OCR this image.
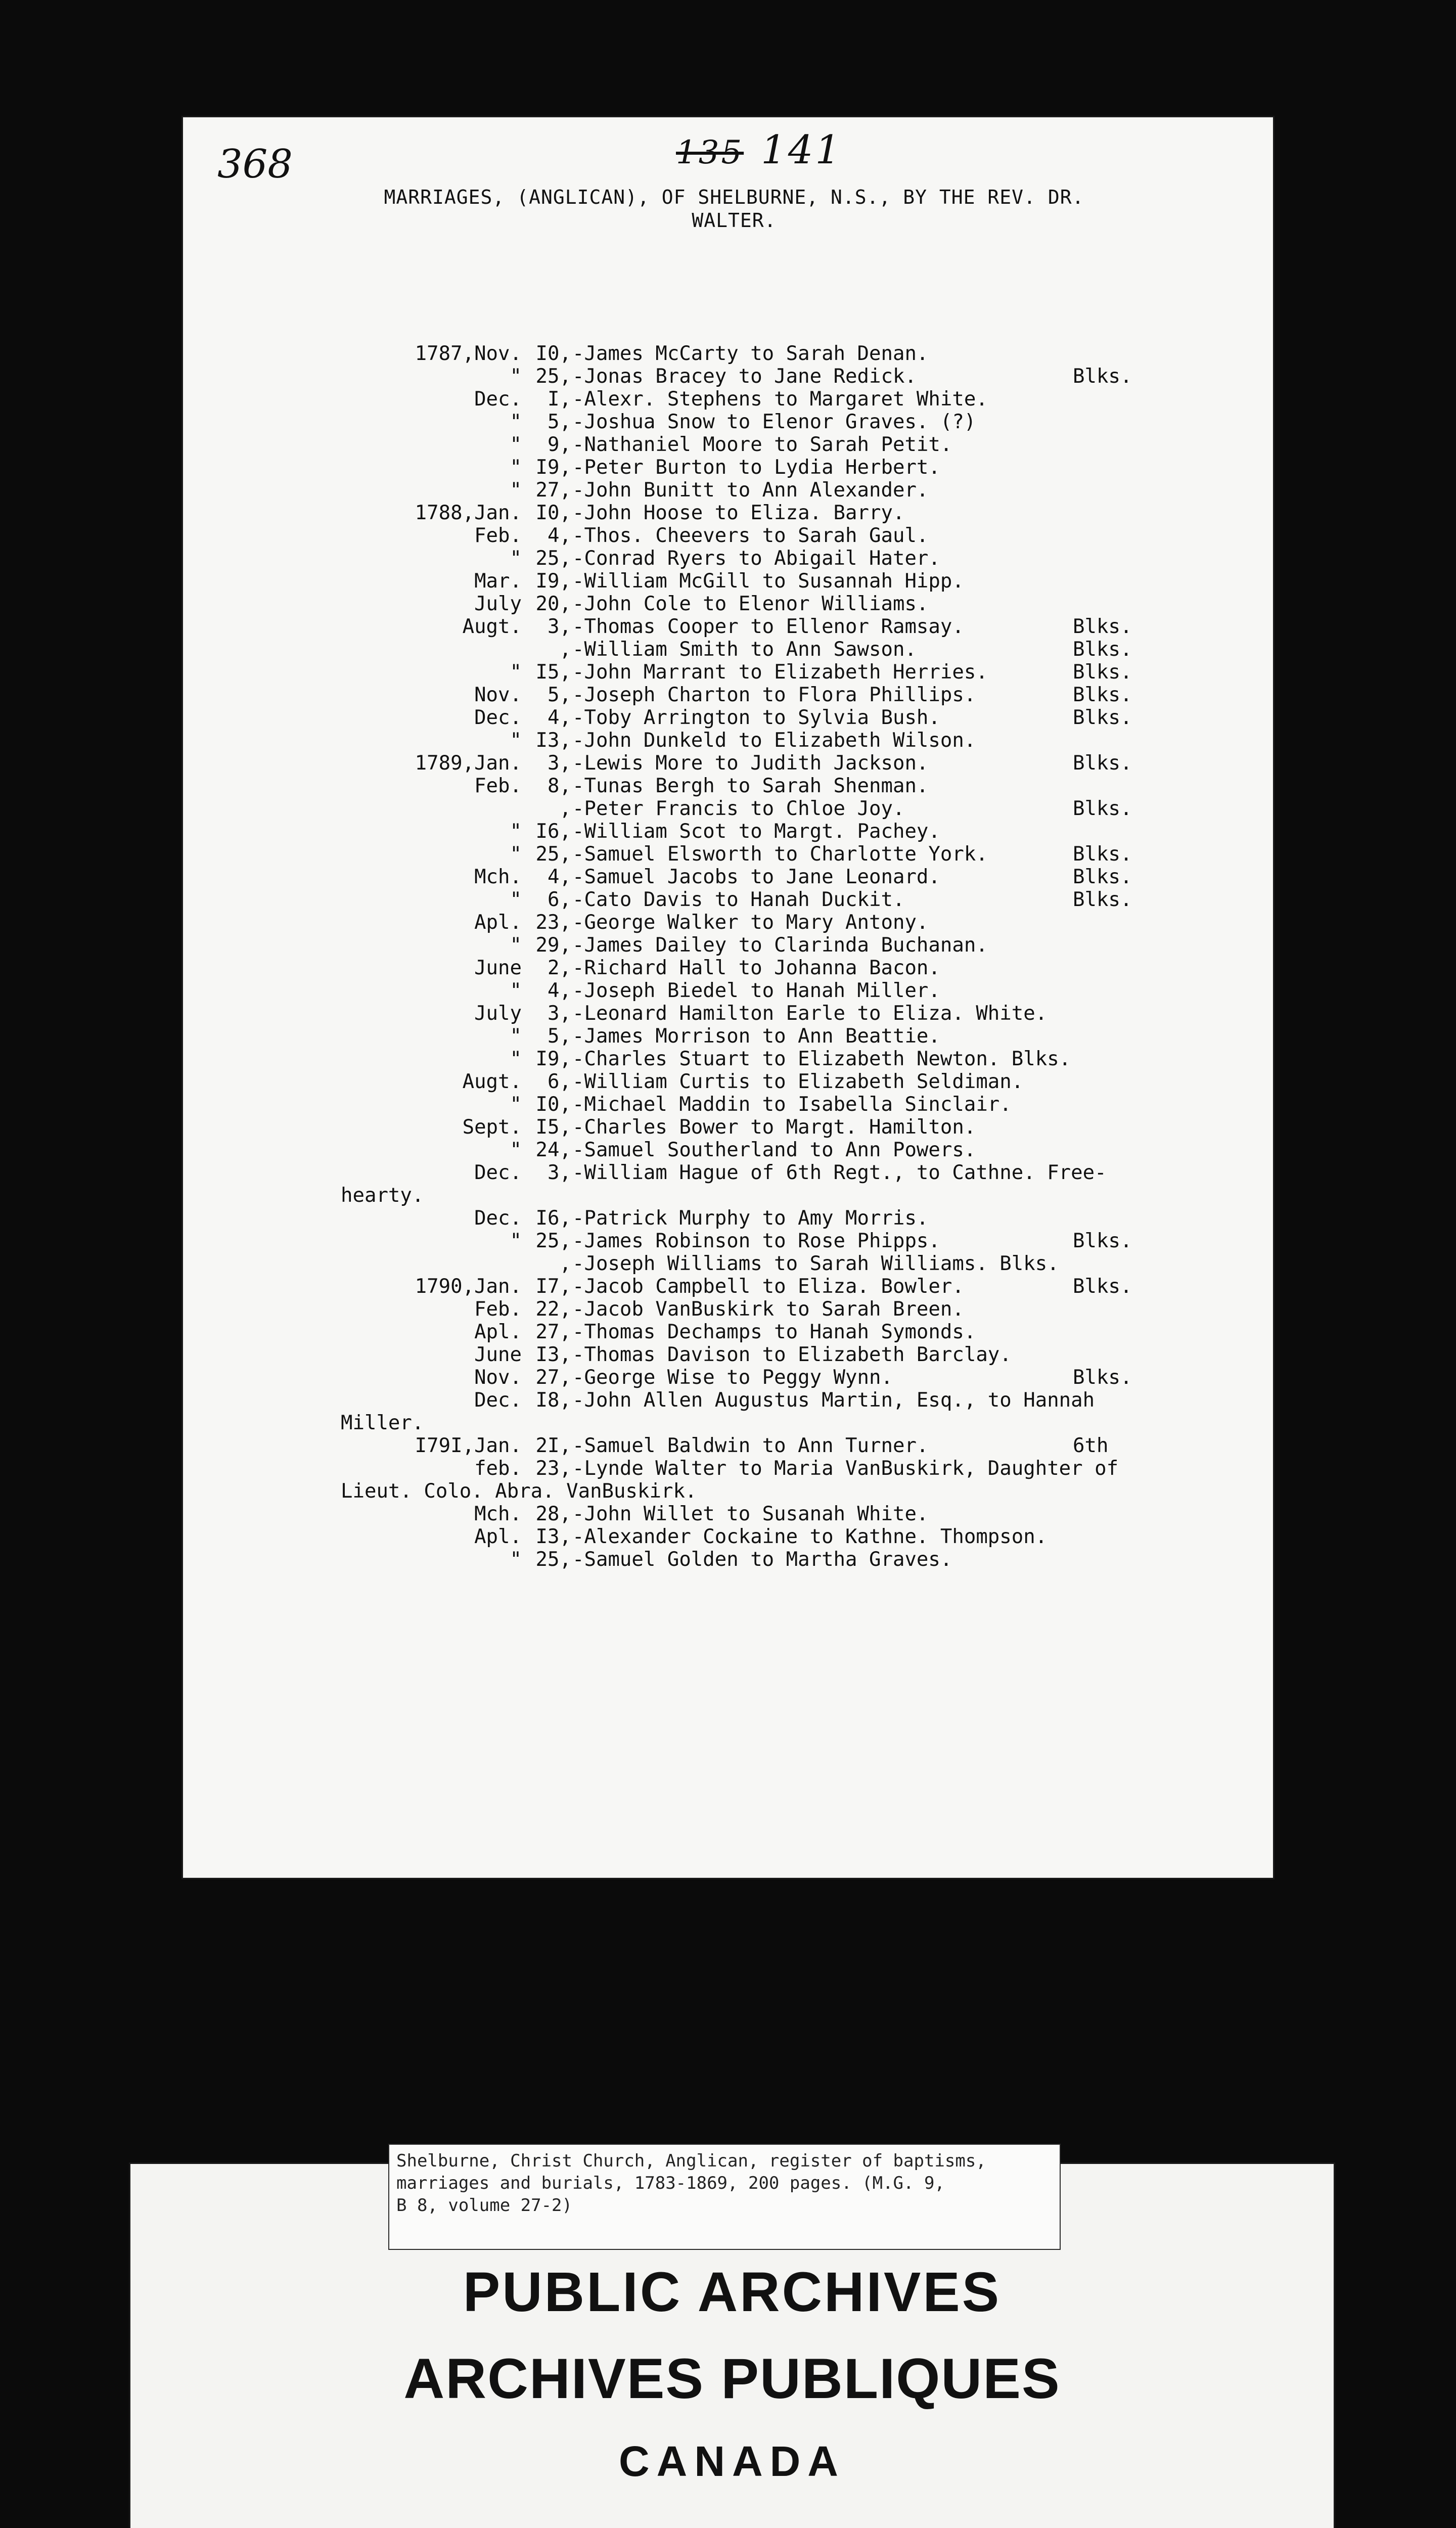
368	135 141
MARRIAGES, (ANGLICAN), OF SHELBURNE, N.S., BY THE REV. DR.
WALTER.
1787,Nov. I0, -James McCarty to Sarah Denan.
" 25, -Jonas Bracey to Jane Redick.	Blks.
Dec.	I, -Alexr. Stephens to Margaret White.
"	5, -Joshua Snow to Elenor Graves. (?)
"	9, -Nathaniel Moore to Sarah Petit.
" I9, -Peter Burton to Lydia Herbert.
" 27, -John Bunitt to Ann Alexander.
1788,Jan. I0, -John Hoose to Eliza. Barry.
Feb.	4, -Thos. Cheevers to Sarah Gaul.
" 25, -Conrad Ryers to Abigail Hater.
Mar. I9, -William McGill to Susannah Hipp.
July 20, -John Cole to Elenor Williams.
Augt.	3, -Thomas Cooper to Ellenor Ramsay.	Blks.
, -William Smith to Ann Sawson.	Blks.
" I5, -John Marrant to Elizabeth Herries.	Blks.
Nov.	5, -Joseph Charton to Flora Phillips.	Blks.
Dec.	4, -Toby Arrington to Sylvia Bush.	Blks.
" I3, -John Dunkeld to Elizabeth Wilson.
1789,Jan.	3, -Lewis More to Judith Jackson.	Blks.
Feb.	8, -Tunas Bergh to Sarah Shenman.
, -Peter Francis to Chloe Joy.	Blks.
" I6, -William Scot to Margt. Pachey.
" 25, -Samuel Elsworth to Charlotte York.	Blks.
Mch.	4, -Samuel Jacobs to Jane Leonard.	Blks.
"	6, -Cato Davis to Hanah Duckit.	Blks.
Apl. 23, -George Walker to Mary Antony.
" 29, -James Dailey to Clarinda Buchanan.
June	2, -Richard Hall to Johanna Bacon.
"	4, -Joseph Biedel to Hanah Miller.
July	3, -Leonard Hamilton Earle to Eliza. White.
"	5, -James Morrison to Ann Beattie.
" I9, -Charles Stuart to Elizabeth Newton. Blks.
Augt.	6, -William Curtis to Elizabeth Seldiman.
" I0, -Michael Maddin to Isabella Sinclair.
Sept. I5, -Charles Bower to Margt. Hamilton.
" 24, -Samuel Southerland to Ann Powers.
Dec.	3, -William Hague of 6th Regt., to Cathne. Free-
hearty.
Dec. I6, -Patrick Murphy to Amy Morris.
" 25, -James Robinson to Rose Phipps.	Blks.
, -Joseph Williams to Sarah Williams. Blks.
1790,Jan. I7, -Jacob Campbell to Eliza. Bowler.	Blks.
Feb. 22, -Jacob VanBuskirk to Sarah Breen.
Apl. 27, -Thomas Dechamps to Hanah Symonds.
June I3, -Thomas Davison to Elizabeth Barclay.
Nov. 27, -George Wise to Peggy Wynn.	Blks.
Dec. I8, -John Allen Augustus Martin, Esq., to Hannah
Miller.
I79I,Jan. 2I, -Samuel Baldwin to Ann Turner.	6th
feb. 23, -Lynde Walter to Maria VanBuskirk, Daughter of
Lieut. Colo. Abra. VanBuskirk.
Mch. 28, -John Willet to Susanah White.
Apl. I3, -Alexander Cockaine to Kathne. Thompson.
" 25, -Samuel Golden to Martha Graves.
Shelburne, Christ Church, Anglican, register of baptisms,
marriages and burials, 1783-1869, 200 pages. (M.G. 9,
B 8, volume 27-2)
PUBLIC ARCHIVES
ARCHIVES PUBLIQUES
CANADA
